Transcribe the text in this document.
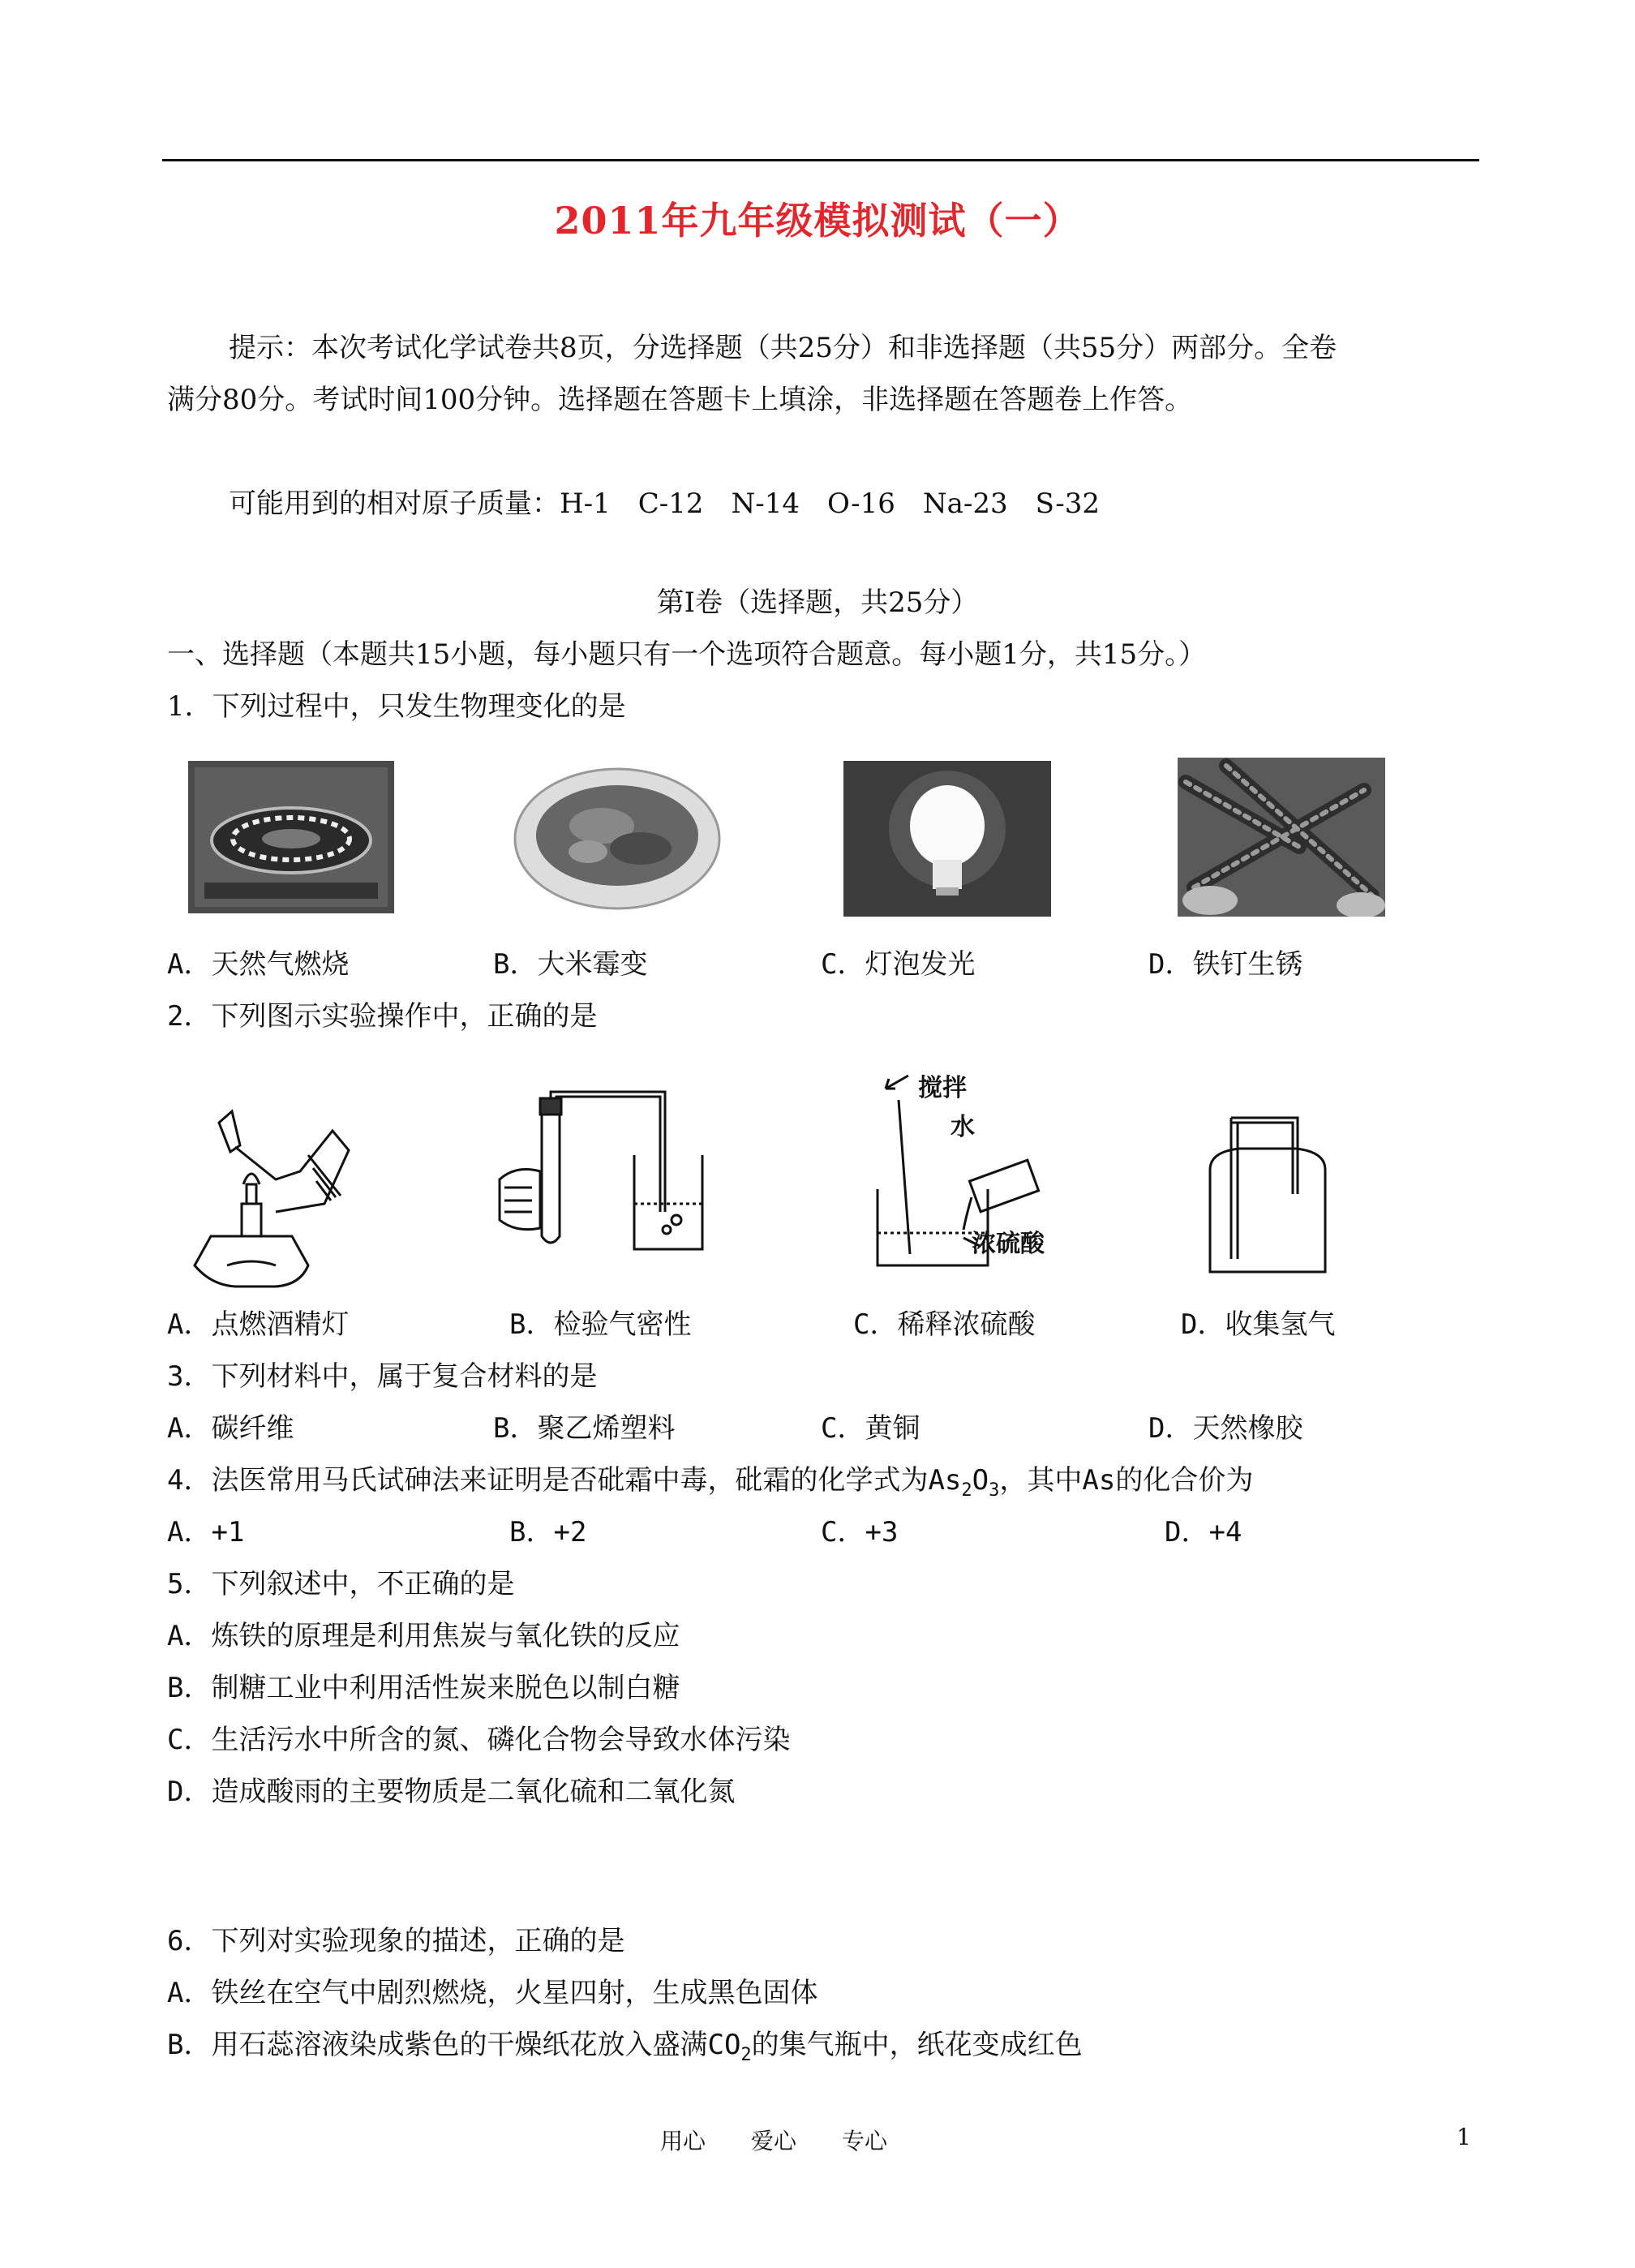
2011年九年级模拟测试（一）
提示：本次考试化学试卷共8页，分选择题（共25分）和非选择题（共55分）两部分。全卷
满分80分。考试时间100分钟。选择题在答题卡上填涂，非选择题在答题卷上作答。
可能用到的相对原子质量：H-1　C-12　N-14　O-16　Na-23　S-32
第Ⅰ卷（选择题，共25分）
一、选择题（本题共15小题，每小题只有一个选项符合题意。每小题1分，共15分。）
1．下列过程中，只发生物理变化的是
A．天然气燃烧	B．大米霉变	C．灯泡发光	D．铁钉生锈
2．下列图示实验操作中，正确的是
搅拌
水
浓硫酸
A．点燃酒精灯	B．检验气密性	C．稀释浓硫酸	D．收集氢气
3．下列材料中，属于复合材料的是
A．碳纤维	B．聚乙烯塑料	C．黄铜	D．天然橡胶
4．法医常用马氏试砷法来证明是否砒霜中毒，砒霜的化学式为$As_2O_3$，其中As的化合价为
A．+1	B．+2	C．+3	D．+4
5．下列叙述中，不正确的是
A．炼铁的原理是利用焦炭与氧化铁的反应
B．制糖工业中利用活性炭来脱色以制白糖
C．生活污水中所含的氮、磷化合物会导致水体污染
D．造成酸雨的主要物质是二氧化硫和二氧化氮
6．下列对实验现象的描述，正确的是
A．铁丝在空气中剧烈燃烧，火星四射，生成黑色固体
B．用石蕊溶液染成紫色的干燥纸花放入盛满$CO_2$的集气瓶中，纸花变成红色
用心　　爱心　　专心	1
